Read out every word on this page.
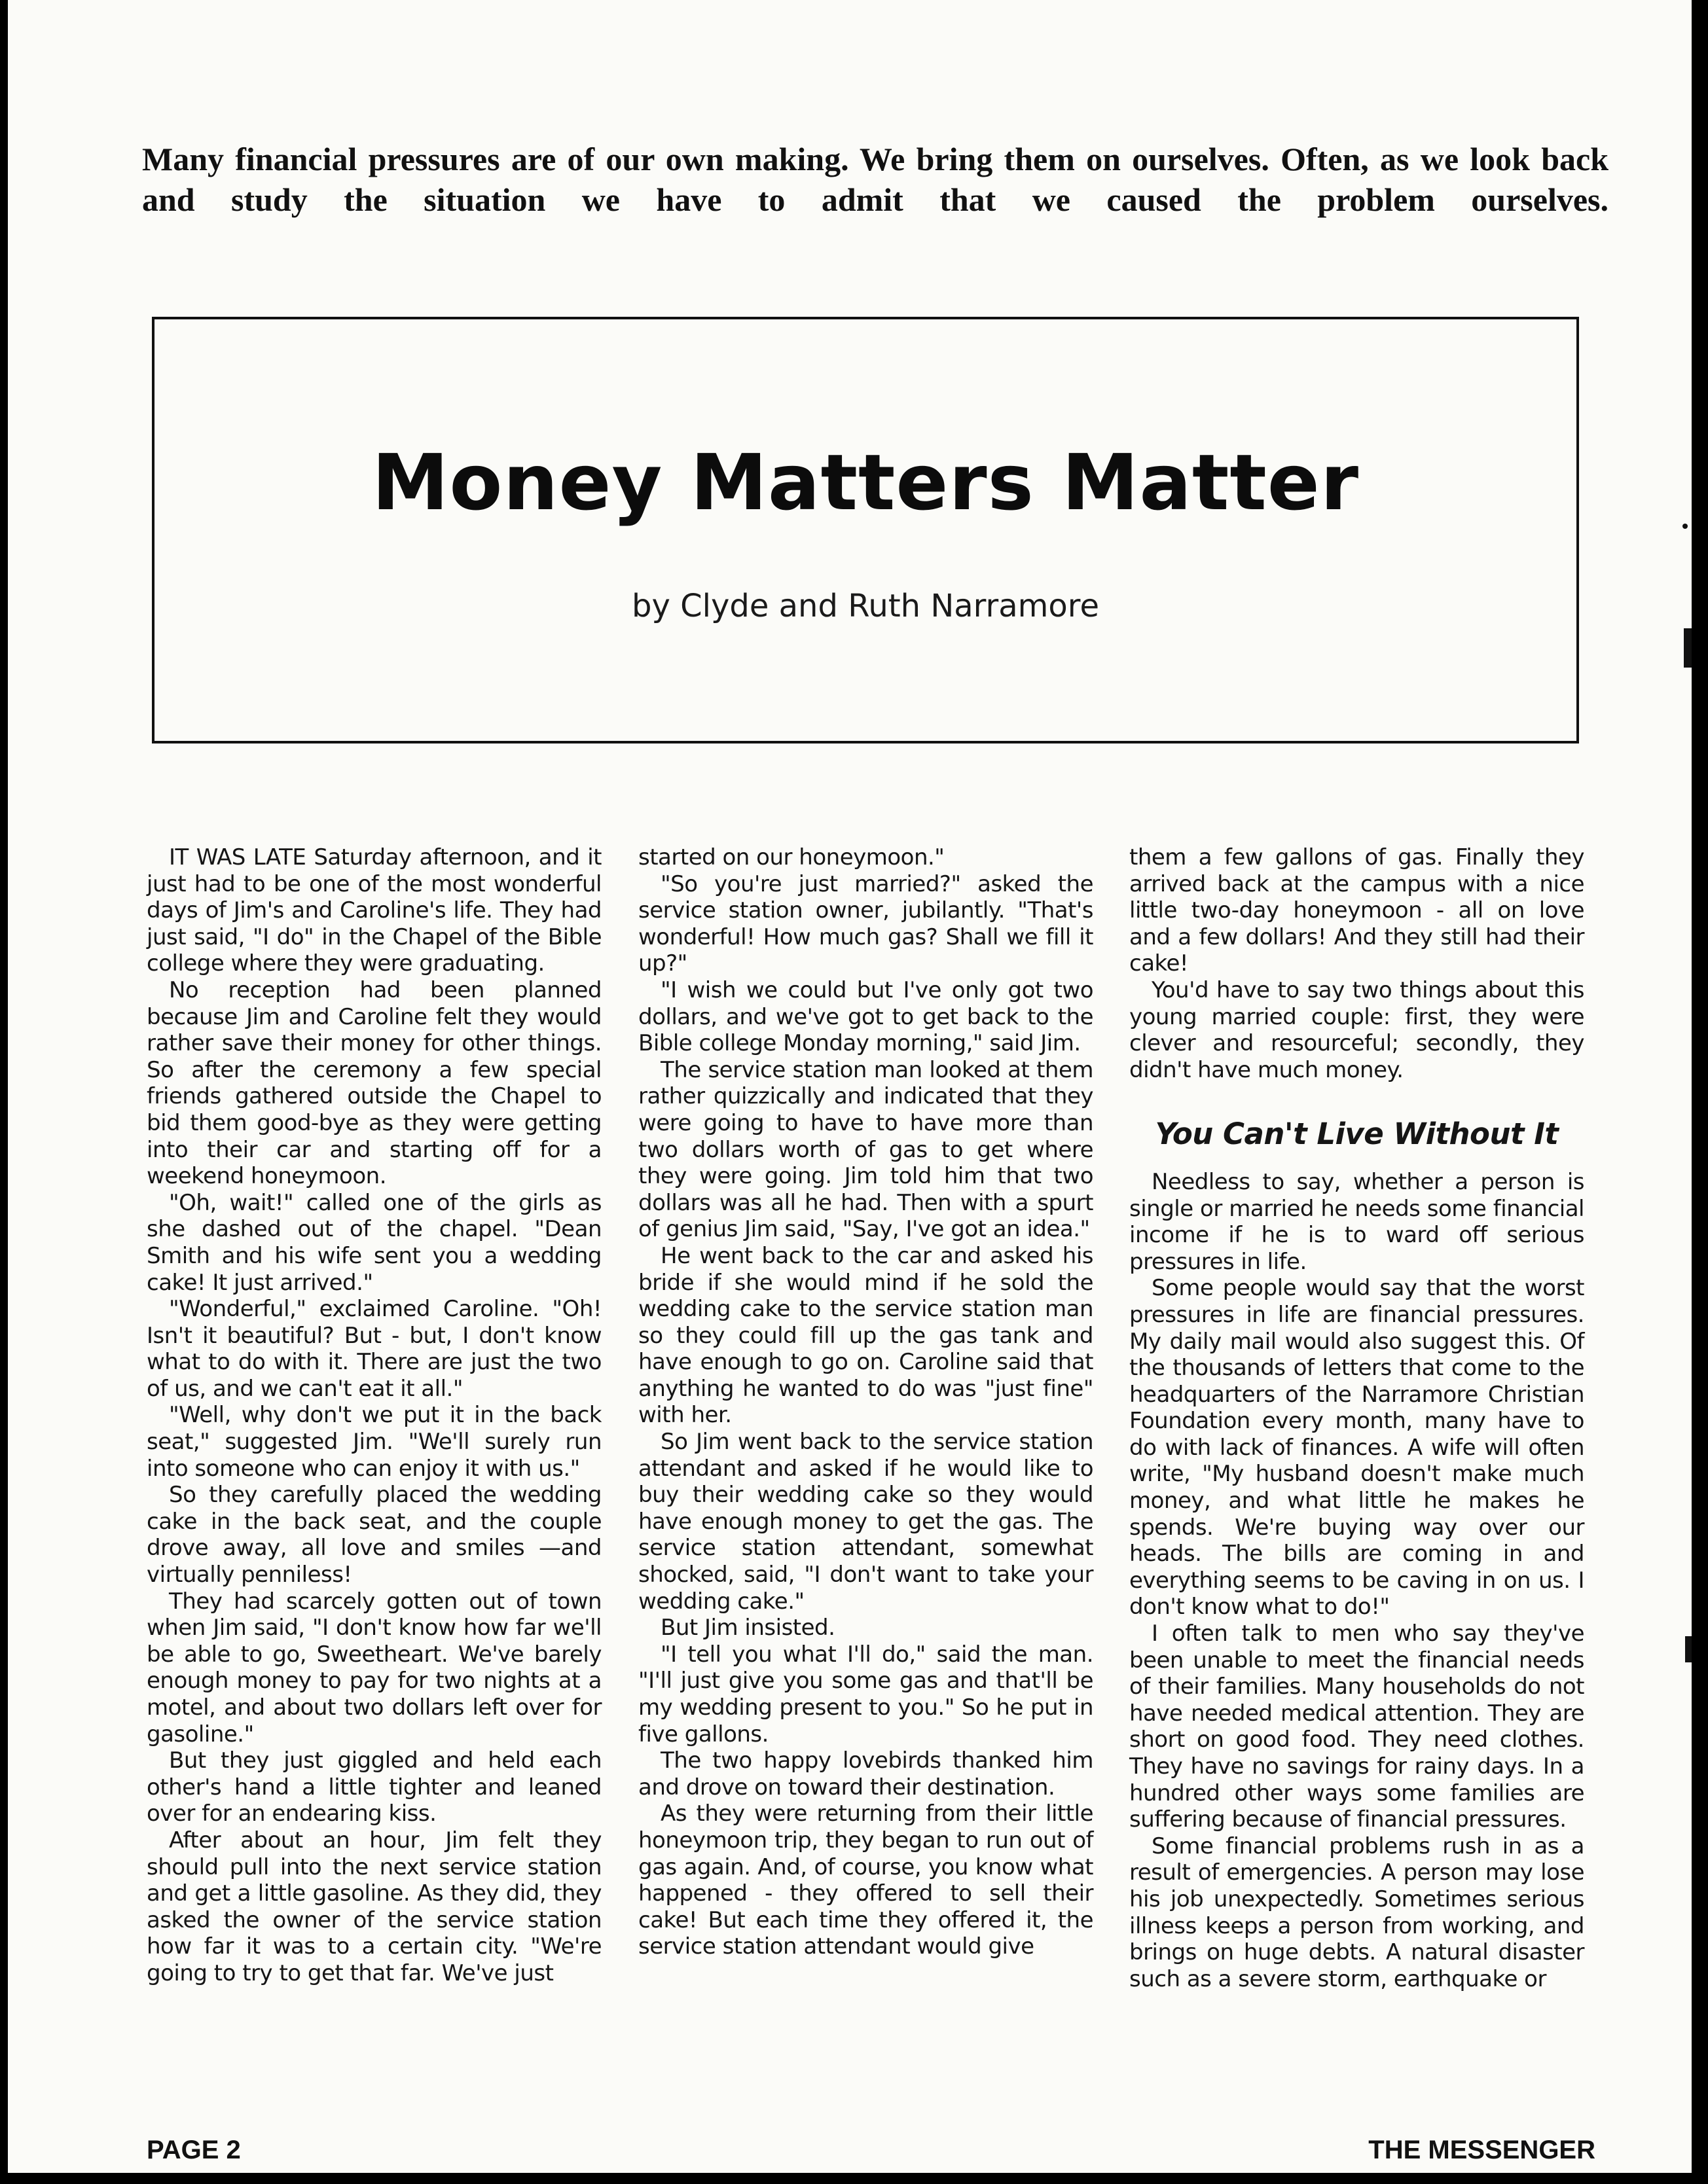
Many financial pressures are of our own making. We bring them on ourselves. Often, as we look back and study the situation we have to admit that we caused the problem ourselves.

Money Matters Matter

by Clyde and Ruth Narramore

IT WAS LATE Saturday afternoon, and it just had to be one of the most wonderful days of Jim's and Caroline's life. They had just said, "I do" in the Chapel of the Bible college where they were graduating.

No reception had been planned because Jim and Caroline felt they would rather save their money for other things. So after the ceremony a few special friends gathered outside the Chapel to bid them good-bye as they were getting into their car and starting off for a weekend honeymoon.

"Oh, wait!" called one of the girls as she dashed out of the chapel. "Dean Smith and his wife sent you a wedding cake! It just arrived."

"Wonderful," exclaimed Caroline. "Oh! Isn't it beautiful? But - but, I don't know what to do with it. There are just the two of us, and we can't eat it all."

"Well, why don't we put it in the back seat," suggested Jim. "We'll surely run into someone who can enjoy it with us."

So they carefully placed the wedding cake in the back seat, and the couple drove away, all love and smiles —and virtually penniless!

They had scarcely gotten out of town when Jim said, "I don't know how far we'll be able to go, Sweetheart. We've barely enough money to pay for two nights at a motel, and about two dollars left over for gasoline."

But they just giggled and held each other's hand a little tighter and leaned over for an endearing kiss.

After about an hour, Jim felt they should pull into the next service station and get a little gasoline. As they did, they asked the owner of the service station how far it was to a certain city. "We're going to try to get that far. We've just

started on our honeymoon."

"So you're just married?" asked the service station owner, jubilantly. "That's wonderful! How much gas? Shall we fill it up?"

"I wish we could but I've only got two dollars, and we've got to get back to the Bible college Monday morning," said Jim.

The service station man looked at them rather quizzically and indicated that they were going to have to have more than two dollars worth of gas to get where they were going. Jim told him that two dollars was all he had. Then with a spurt of genius Jim said, "Say, I've got an idea."

He went back to the car and asked his bride if she would mind if he sold the wedding cake to the service station man so they could fill up the gas tank and have enough to go on. Caroline said that anything he wanted to do was "just fine" with her.

So Jim went back to the service station attendant and asked if he would like to buy their wedding cake so they would have enough money to get the gas. The service station attendant, somewhat shocked, said, "I don't want to take your wedding cake."

But Jim insisted.

"I tell you what I'll do," said the man. "I'll just give you some gas and that'll be my wedding present to you." So he put in five gallons.

The two happy lovebirds thanked him and drove on toward their destination.

As they were returning from their little honeymoon trip, they began to run out of gas again. And, of course, you know what happened - they offered to sell their cake! But each time they offered it, the service station attendant would give

them a few gallons of gas. Finally they arrived back at the campus with a nice little two-day honeymoon - all on love and a few dollars! And they still had their cake!

You'd have to say two things about this young married couple: first, they were clever and resourceful; secondly, they didn't have much money.

You Can't Live Without It

Needless to say, whether a person is single or married he needs some financial income if he is to ward off serious pressures in life.

Some people would say that the worst pressures in life are financial pressures. My daily mail would also suggest this. Of the thousands of letters that come to the headquarters of the Narramore Christian Foundation every month, many have to do with lack of finances. A wife will often write, "My husband doesn't make much money, and what little he makes he spends. We're buying way over our heads. The bills are coming in and everything seems to be caving in on us. I don't know what to do!"

I often talk to men who say they've been unable to meet the financial needs of their families. Many households do not have needed medical attention. They are short on good food. They need clothes. They have no savings for rainy days. In a hundred other ways some families are suffering because of financial pressures.

Some financial problems rush in as a result of emergencies. A person may lose his job unexpectedly. Sometimes serious illness keeps a person from working, and brings on huge debts. A natural disaster such as a severe storm, earthquake or

PAGE 2	THE MESSENGER
